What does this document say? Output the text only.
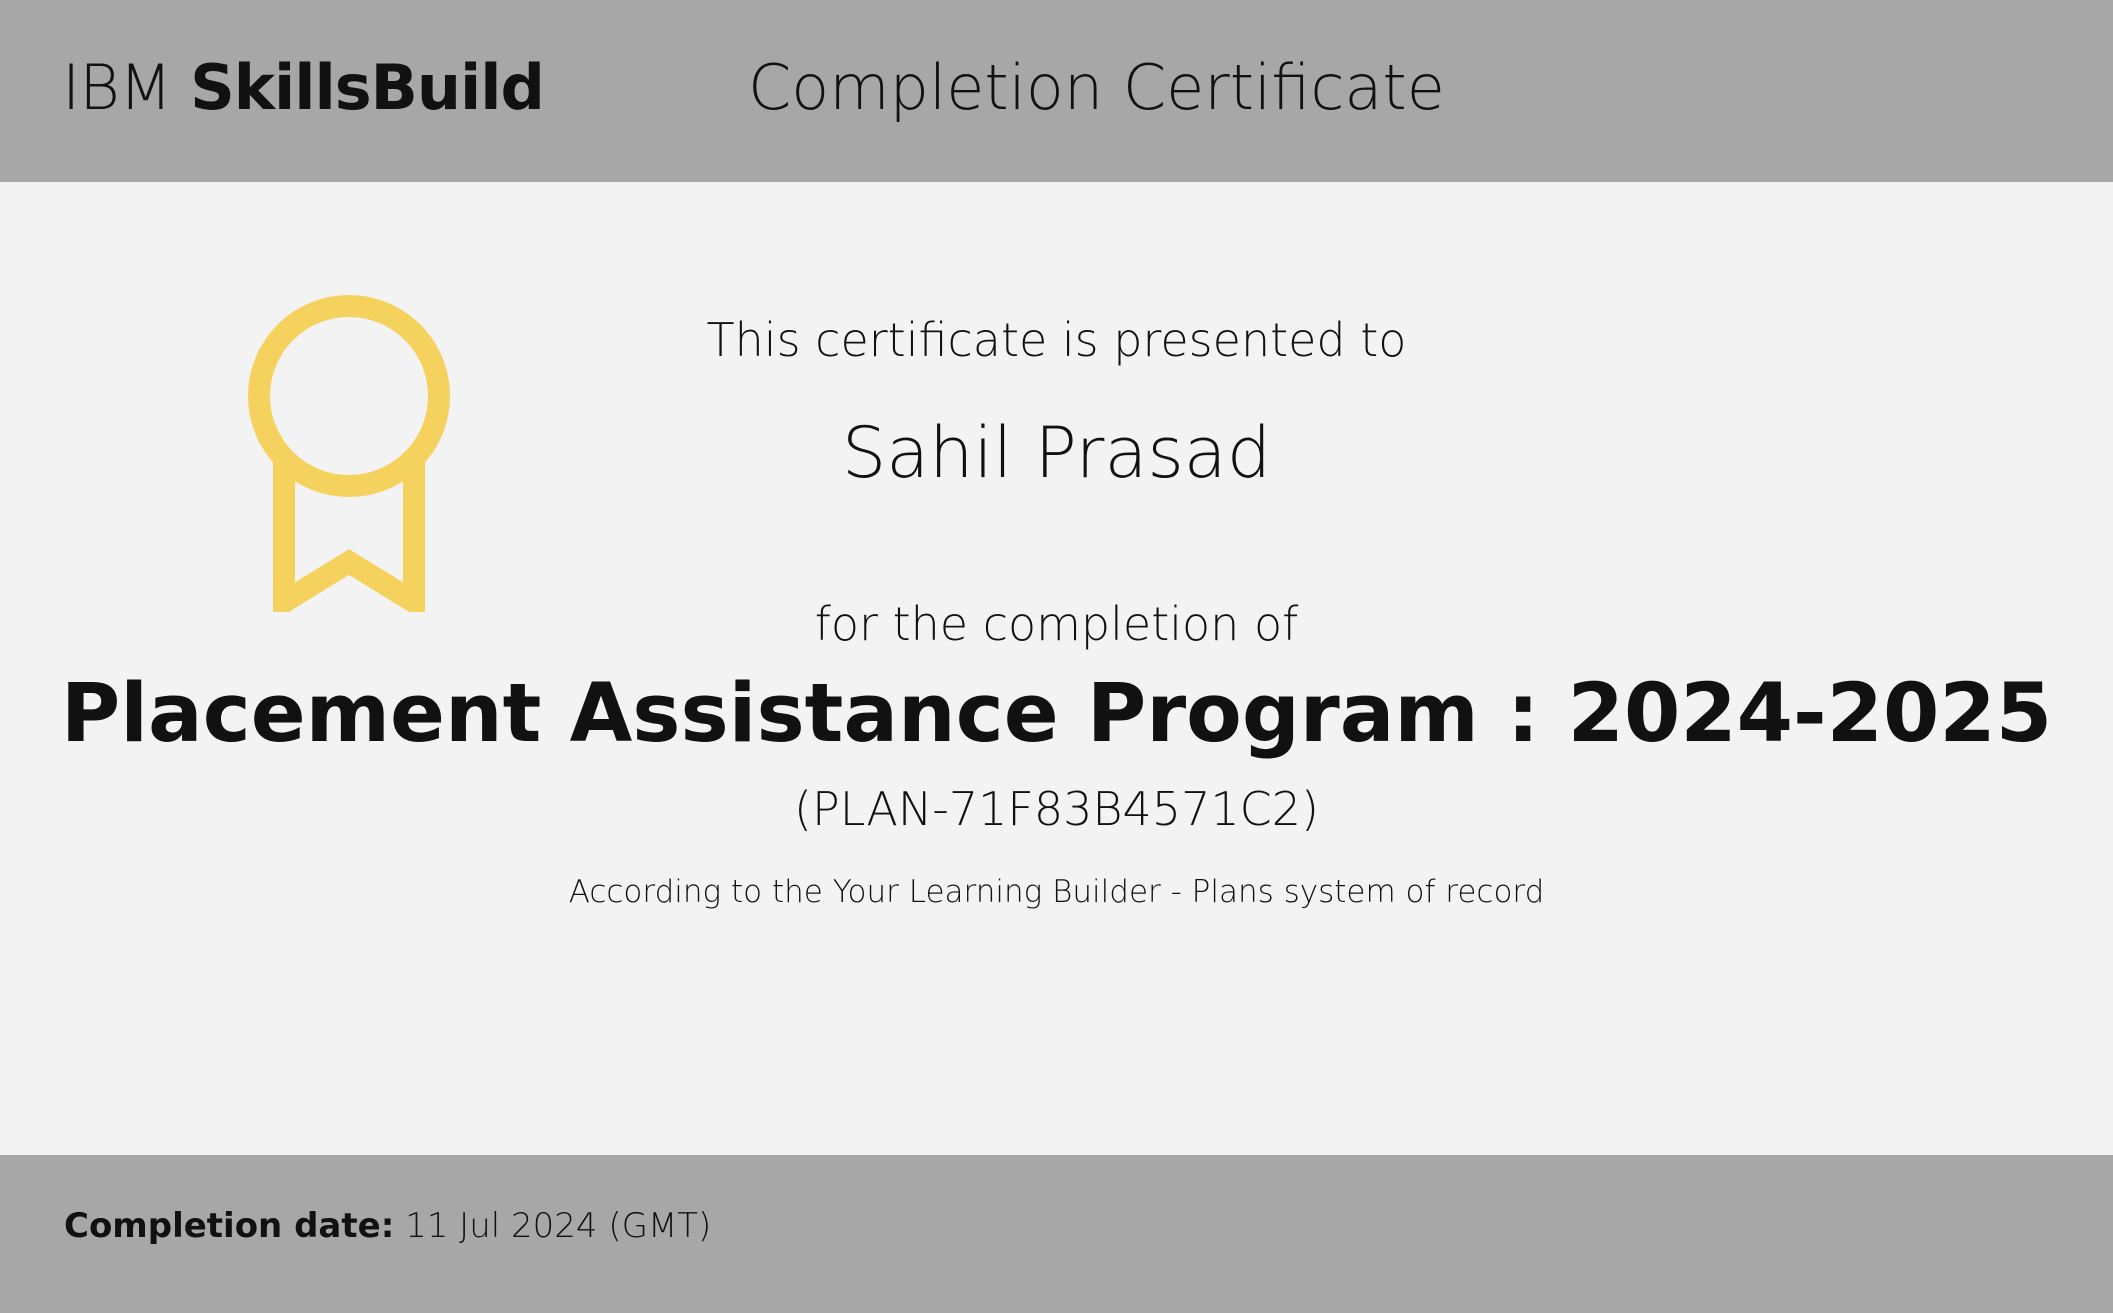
IBM SkillsBuild	Completion Certificate
This certificate is presented to
Sahil Prasad
for the completion of
Placement Assistance Program : 2024-2025
(PLAN-71F83B4571C2)
According to the Your Learning Builder - Plans system of record
Completion date: 11 Jul 2024 (GMT)
